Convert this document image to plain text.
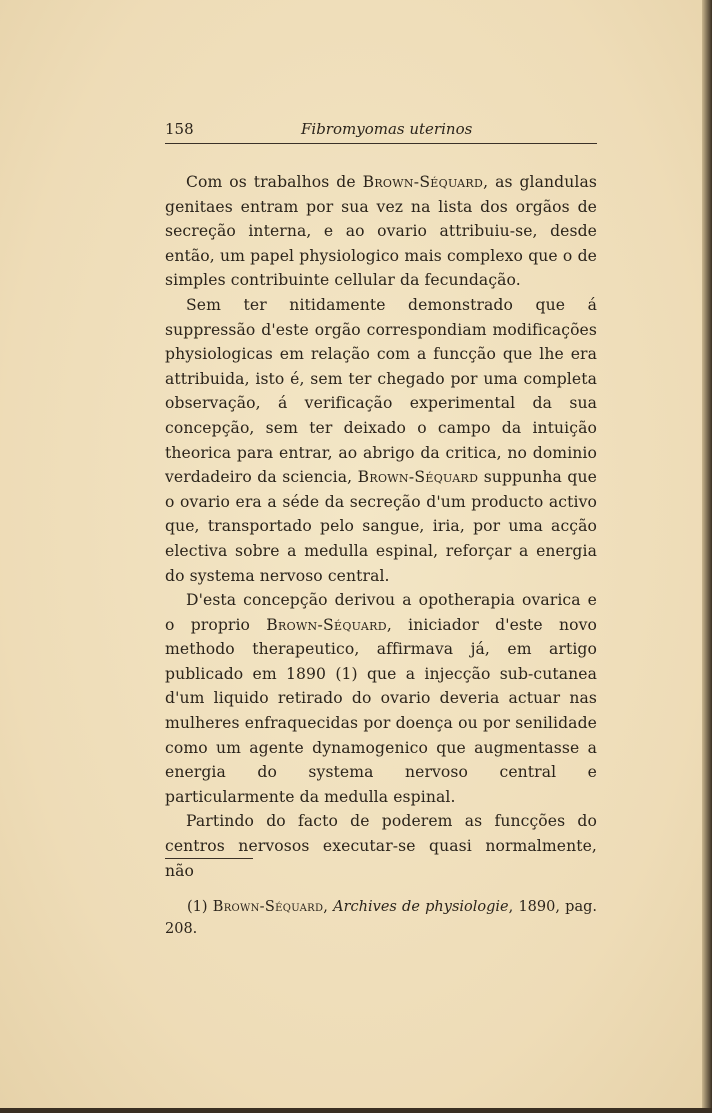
158	Fibromyomas uterinos

Com os trabalhos de Brown-Séquard, as glandulas genitaes entram por sua vez na lista dos orgãos de secreção interna, e ao ovario attribuiu-se, desde então, um papel physiologico mais complexo que o de simples contribuinte cellular da fecundação.

Sem ter nitidamente demonstrado que á suppressão d'este orgão correspondiam modificações physiologicas em relação com a funcção que lhe era attribuida, isto é, sem ter chegado por uma completa observação, á verificação experimental da sua concepção, sem ter deixado o campo da intuição theorica para entrar, ao abrigo da critica, no dominio verdadeiro da sciencia, Brown-Séquard suppunha que o ovario era a séde da secreção d'um producto activo que, transportado pelo sangue, iria, por uma acção electiva sobre a medulla espinal, reforçar a energia do systema nervoso central.

D'esta concepção derivou a opotherapia ovarica e o proprio Brown-Séquard, iniciador d'este novo methodo therapeutico, affirmava já, em artigo publicado em 1890 (1) que a injecção sub-cutanea d'um liquido retirado do ovario deveria actuar nas mulheres enfraquecidas por doença ou por senilidade como um agente dynamogenico que augmentasse a energia do systema nervoso central e particularmente da medulla espinal.

Partindo do facto de poderem as funcções do centros nervosos executar-se quasi normalmente, não

(1) Brown-Séquard, Archives de physiologie, 1890, pag. 208.
